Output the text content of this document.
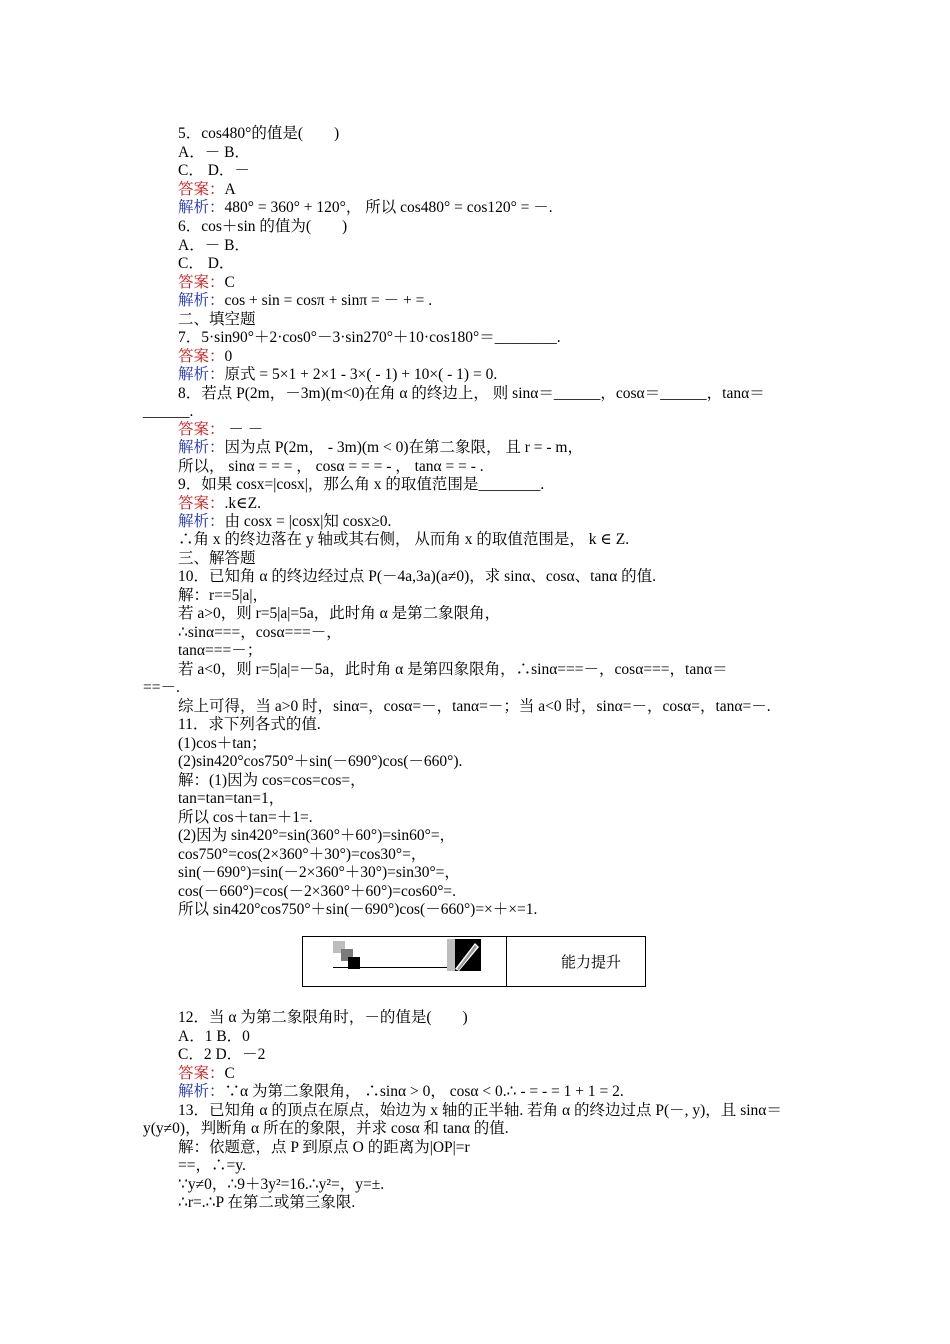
能力提升
5．cos480°的值是(　　)
A．－ B．
C． D．－
答案：A
解析：480° = 360° + 120°， 所以 cos480° = cos120° = －.
6．cos＋sin 的值为(　　)
A．－ B．
C． D．
答案：C
解析：cos + sin = cosπ + sinπ = － + = .
二、填空题
7．5·sin90°＋2·cos0°－3·sin270°＋10·cos180°＝________.
答案：0
解析：原式 = 5×1 + 2×1 - 3×( - 1) + 10×( - 1) = 0.
8．若点 P(2m，－3m)(m<0)在角 α 的终边上， 则 sinα＝______，cosα＝______，tanα＝
______.
答案： － －
解析：因为点 P(2m， - 3m)(m < 0)在第二象限， 且 r = - m，
所以， sinα = = = ， cosα = = = - ， tanα = = - .
9．如果 cosx=|cosx|，那么角 x 的取值范围是________.
答案：.k∈Z.
解析：由 cosx = |cosx|知 cosx≥0.
∴角 x 的终边落在 y 轴或其右侧， 从而角 x 的取值范围是， k ∈ Z.
三、解答题
10．已知角 α 的终边经过点 P(－4a,3a)(a≠0)，求 sinα、cosα、tanα 的值.
解：r==5|a|，
若 a>0，则 r=5|a|=5a，此时角 α 是第二象限角，
∴sinα===，cosα===－，
tanα===－；
若 a<0，则 r=5|a|=－5a，此时角 α 是第四象限角，∴sinα===－，cosα===，tanα＝
==－.
综上可得，当 a>0 时，sinα=，cosα=－，tanα=－；当 a<0 时，sinα=－，cosα=，tanα=－.
11．求下列各式的值.
(1)cos＋tan；
(2)sin420°cos750°＋sin(－690°)cos(－660°).
解：(1)因为 cos=cos=cos=，
tan=tan=tan=1，
所以 cos＋tan=＋1=.
(2)因为 sin420°=sin(360°＋60°)=sin60°=，
cos750°=cos(2×360°＋30°)=cos30°=，
sin(－690°)=sin(－2×360°＋30°)=sin30°=，
cos(－660°)=cos(－2×360°＋60°)=cos60°=.
所以 sin420°cos750°＋sin(－690°)cos(－660°)=×＋×=1.
12．当 α 为第二象限角时，－的值是(　　)
A．1 B．0
C．2 D．－2
答案：C
解析：∵α 为第二象限角， ∴sinα > 0， cosα < 0.∴ - = - = 1 + 1 = 2.
13．已知角 α 的顶点在原点，始边为 x 轴的正半轴. 若角 α 的终边过点 P(－, y)，且 sinα＝
y(y≠0)，判断角 α 所在的象限，并求 cosα 和 tanα 的值.
解：依题意，点 P 到原点 O 的距离为|OP|=r
==，∴=y.
∵y≠0，∴9＋3y²=16.∴y²=，y=±.
∴r=.∴P 在第二或第三象限.
